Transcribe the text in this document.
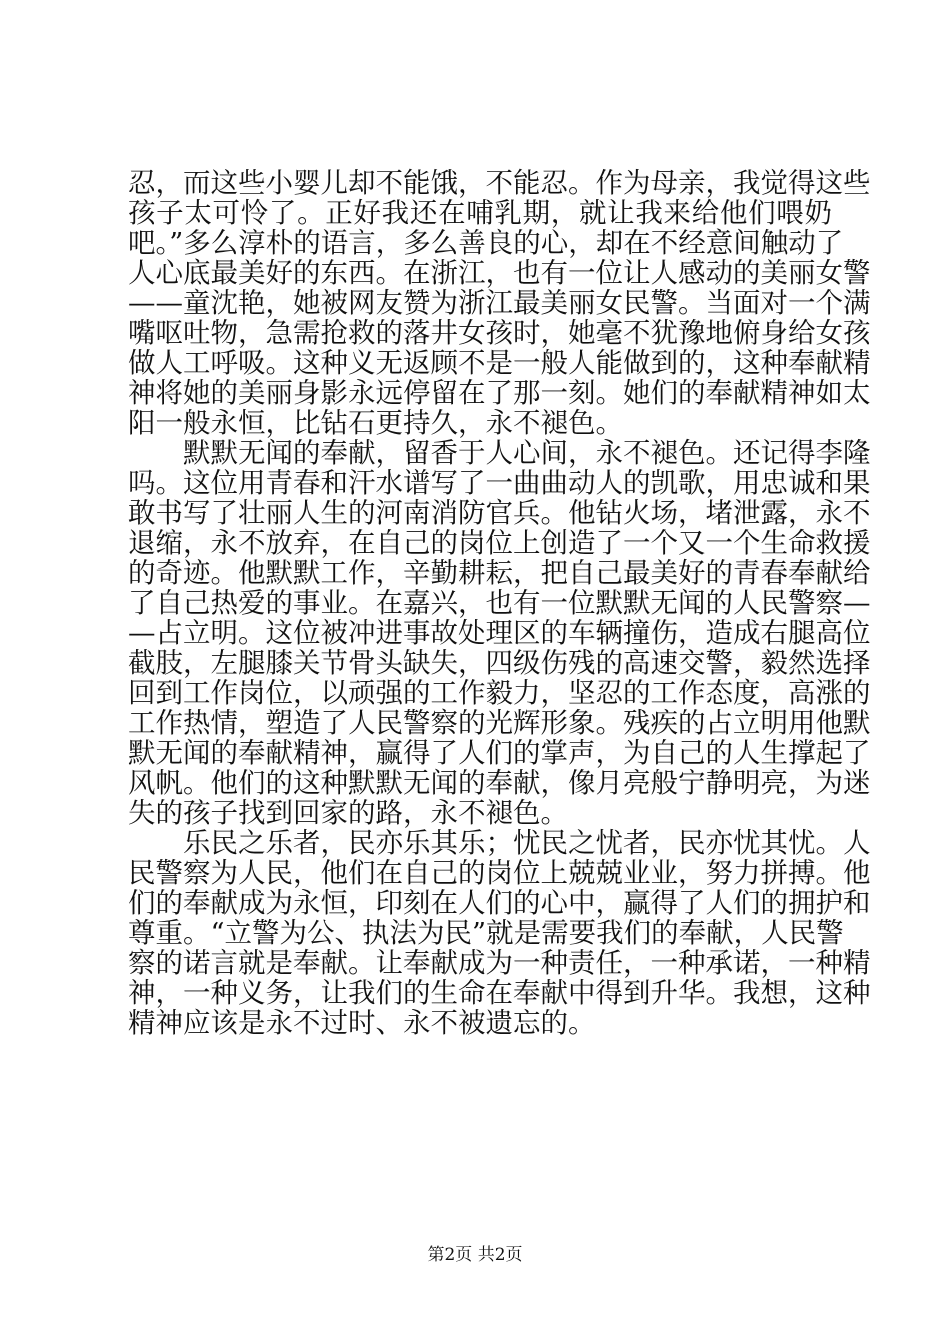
忍，而这些小婴儿却不能饿，不能忍。作为母亲，我觉得这些
孩子太可怜了。正好我还在哺乳期，就让我来给他们喂奶
吧。”多么淳朴的语言，多么善良的心，却在不经意间触动了
人心底最美好的东西。在浙江，也有一位让人感动的美丽女警
——童沈艳，她被网友赞为浙江最美丽女民警。当面对一个满
嘴呕吐物，急需抢救的落井女孩时，她毫不犹豫地俯身给女孩
做人工呼吸。这种义无返顾不是一般人能做到的，这种奉献精
神将她的美丽身影永远停留在了那一刻。她们的奉献精神如太
阳一般永恒，比钻石更持久，永不褪色。
默默无闻的奉献，留香于人心间，永不褪色。还记得李隆
吗。这位用青春和汗水谱写了一曲曲动人的凯歌，用忠诚和果
敢书写了壮丽人生的河南消防官兵。他钻火场，堵泄露，永不
退缩，永不放弃，在自己的岗位上创造了一个又一个生命救援
的奇迹。他默默工作，辛勤耕耘，把自己最美好的青春奉献给
了自己热爱的事业。在嘉兴，也有一位默默无闻的人民警察—
—占立明。这位被冲进事故处理区的车辆撞伤，造成右腿高位
截肢，左腿膝关节骨头缺失，四级伤残的高速交警，毅然选择
回到工作岗位，以顽强的工作毅力，坚忍的工作态度，高涨的
工作热情，塑造了人民警察的光辉形象。残疾的占立明用他默
默无闻的奉献精神，赢得了人们的掌声，为自己的人生撑起了
风帆。他们的这种默默无闻的奉献，像月亮般宁静明亮，为迷
失的孩子找到回家的路，永不褪色。
乐民之乐者，民亦乐其乐；忧民之忧者，民亦忧其忧。人
民警察为人民，他们在自己的岗位上兢兢业业，努力拼搏。他
们的奉献成为永恒，印刻在人们的心中，赢得了人们的拥护和
尊重。“立警为公、执法为民”就是需要我们的奉献，人民警
察的诺言就是奉献。让奉献成为一种责任，一种承诺，一种精
神，一种义务，让我们的生命在奉献中得到升华。我想，这种
精神应该是永不过时、永不被遗忘的。
第2页 共2页
